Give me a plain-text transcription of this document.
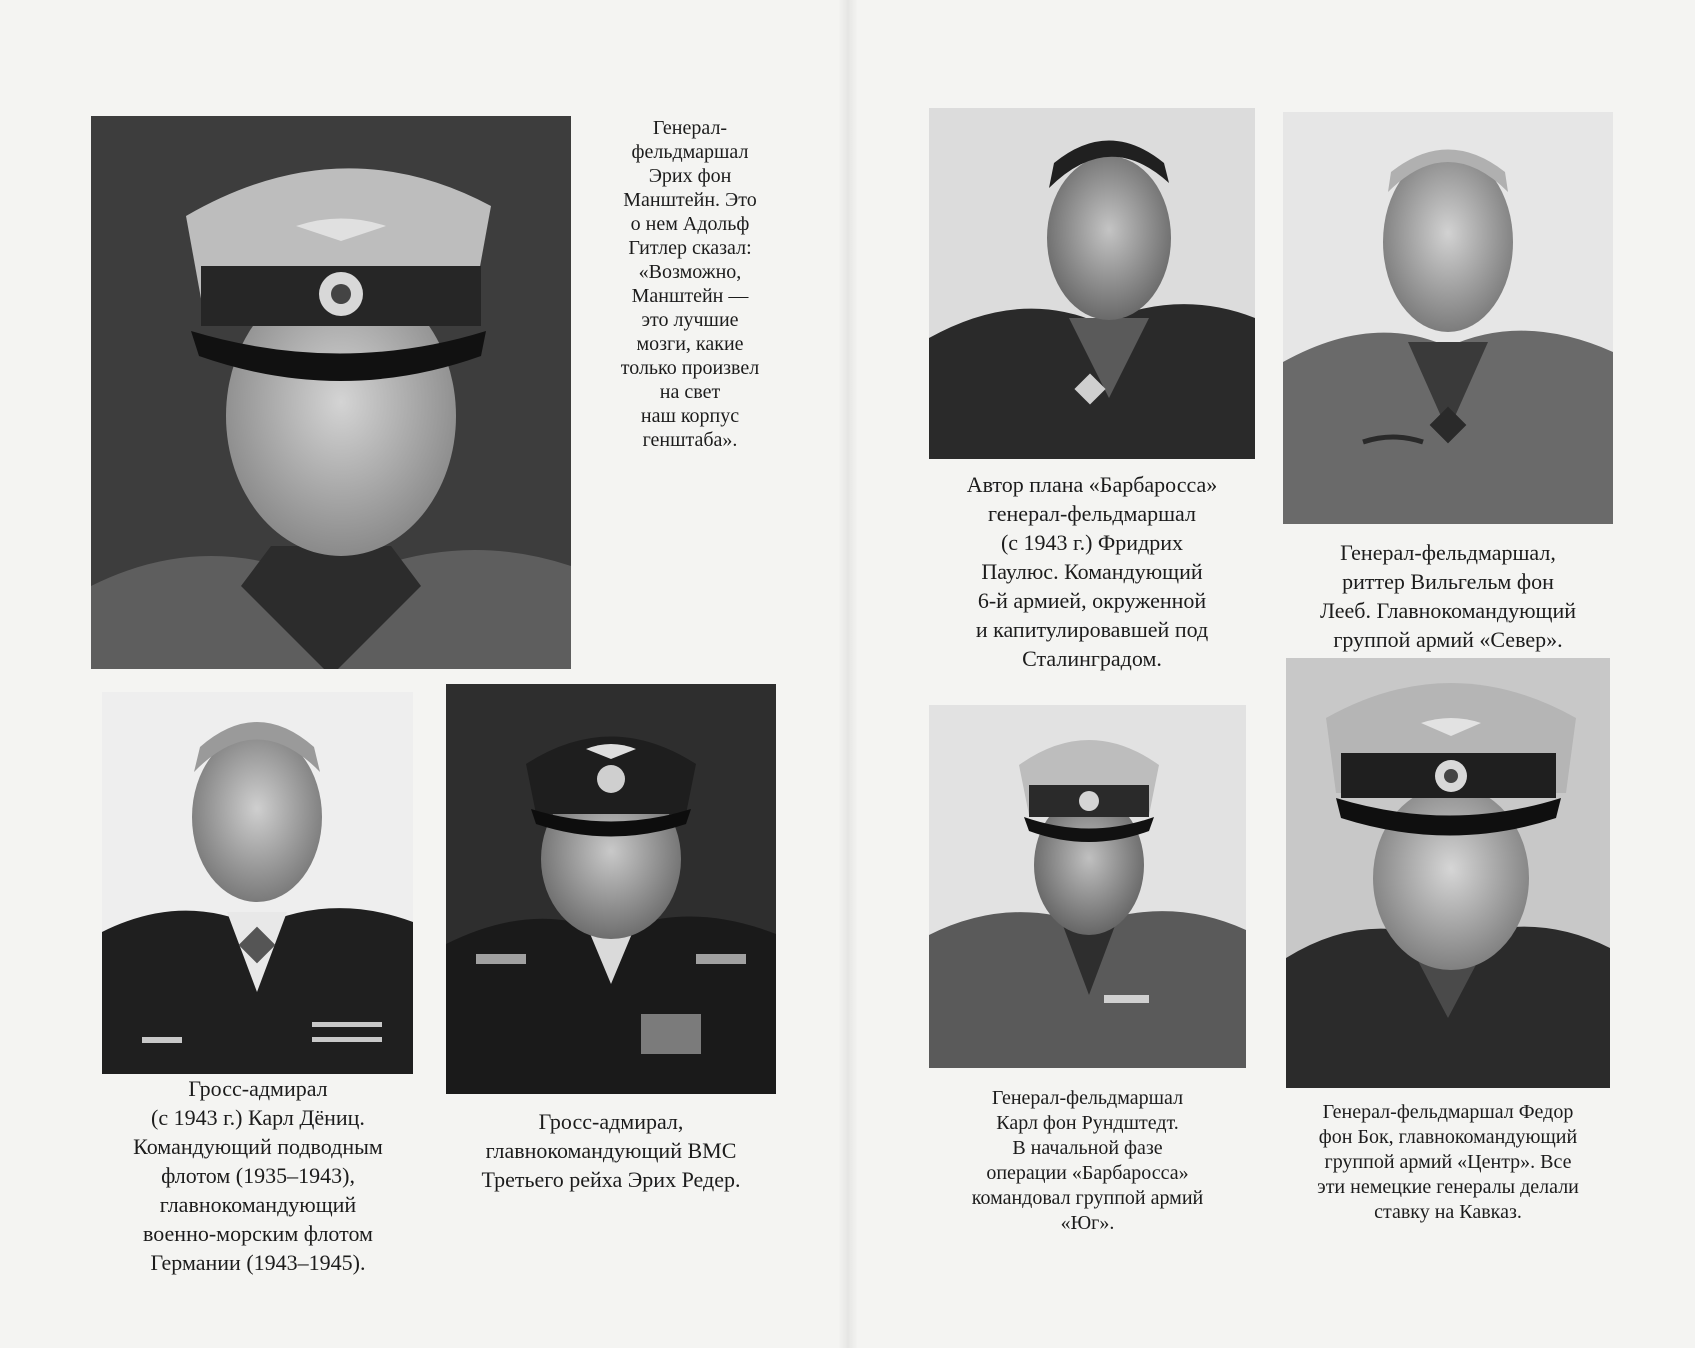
Генерал-
фельдмаршал
Эрих фон
Манштейн. Это
о нем Адольф
Гитлер сказал:
«Возможно,
Манштейн —
это лучшие
мозги, какие
только произвел
на свет
наш корпус
генштаба».
Гросс-адмирал
(с 1943 г.) Карл Дёниц.
Командующий подводным
флотом (1935–1943),
главнокомандующий
военно-морским флотом
Германии (1943–1945).
Гросс-адмирал,
главнокомандующий ВМС
Третьего рейха Эрих Редер.
Автор плана «Барбаросса»
генерал-фельдмаршал
(с 1943 г.) Фридрих
Паулюс. Командующий
6-й армией, окруженной
и капитулировавшей под
Сталинградом.
Генерал-фельдмаршал,
риттер Вильгельм фон
Лееб. Главнокомандующий
группой армий «Север».
Генерал-фельдмаршал
Карл фон Рундштедт.
В начальной фазе
операции «Барбаросса»
командовал группой армий
«Юг».
Генерал-фельдмаршал Федор
фон Бок, главнокомандующий
группой армий «Центр». Все
эти немецкие генералы делали
ставку на Кавказ.
